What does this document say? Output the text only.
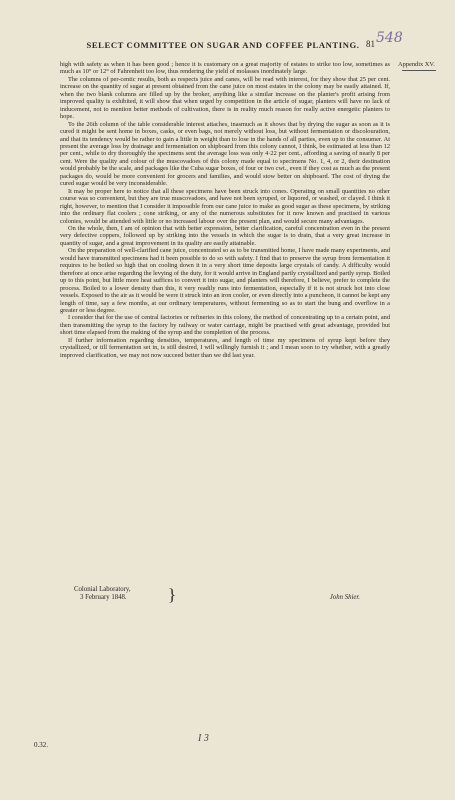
SELECT COMMITTEE ON SUGAR AND COFFEE PLANTING. 81 548
Appendix XV.

high with safety as when it has been good ; hence it is customary on a great majority of estates to strike too low, sometimes as much as 10° or 12° of Fahrenheit too low, thus rendering the yield of molasses inordinately large.

The columns of per-centic results, both as respects juice and canes, will be read with interest, for they show that 25 per cent. increase on the quantity of sugar at present obtained from the cane juice on most estates in the colony may be easily attained. If, when the two blank columns are filled up by the broker, anything like a similar increase on the planter's profit arising from improved quality is exhibited, it will show that when urged by competition in the article of sugar, planters will have no lack of inducement, not to mention better methods of cultivation, there is in reality much reason for really active energetic planters to hope.

To the 26th column of the table considerable interest attaches, inasmuch as it shows that by drying the sugar as soon as it is cured it might be sent home in boxes, casks, or even bags, not merely without loss, but without fermentation or discolouration, and that its tendency would be rather to gain a little in weight than to lose in the hands of all parties, even up to the consumer. At present the average loss by drainage and fermentation on shipboard from this colony cannot, I think, be estimated at less than 12 per cent., while to dry thoroughly the specimens sent the average loss was only 4·22 per cent., affording a saving of nearly 8 per cent. Were the quality and colour of the muscovadoes of this colony made equal to specimens No. 1, 4, or 2, their destination would probably be the scale, and packages like the Cuba sugar boxes, of four or two cwt., even if they cost as much as the present packages do, would be more convenient for grocers and families, and would stow better on shipboard. The cost of drying the cured sugar would be very inconsiderable.

It may be proper here to notice that all these specimens have been struck into cones. Operating on small quantities no other course was so convenient, but they are true muscovadoes, and have not been syruped, or liquored, or washed, or clayed. I think it right, however, to mention that I consider it impossible from our cane juice to make as good sugar as these specimens, by striking into the ordinary flat coolers ; cone striking, or any of the numerous substitutes for it now known and practised in various colonies, would be attended with little or no increased labour over the present plan, and would secure many advantages.

On the whole, then, I am of opinion that with better expression, better clarification, careful concentration even in the present very defective coppers, followed up by striking into the vessels in which the sugar is to drain, that a very great increase in quantity of sugar, and a great improvement in its quality are easily attainable.

On the preparation of well-clarified cane juice, concentrated so as to be transmitted home, I have made many experiments, and would have transmitted specimens had it been possible to do so with safety. I find that to preserve the syrup from fermentation it requires to be boiled so high that on cooling down it in a very short time deposits large crystals of candy. A difficulty would therefore at once arise regarding the levying of the duty, for it would arrive in England partly crystallized and partly syrup. Boiled up to this point, but little more heat suffices to convert it into sugar, and planters will therefore, I believe, prefer to complete the process. Boiled to a lower density than this, it very readily runs into fermentation, especially if it is not struck hot into close vessels. Exposed to the air as it would be were it struck into an iron cooler, or even directly into a puncheon, it cannot be kept any length of time, say a few months, at our ordinary temperatures, without fermenting so as to start the bung and overflow in a greater or less degree.

I consider that for the use of central factories or refineries in this colony, the method of concentrating up to a certain point, and then transmitting the syrup to the factory by railway or water carriage, might be practised with great advantage, provided but short time elapsed from the making of the syrup and the completion of the process.

If further information regarding densities, temperatures, and length of time my specimens of syrup kept before they crystallized, or till fermentation set in, is still desired, I will willingly furnish it ; and I mean soon to try whether, with a greatly improved clarification, we may not now succeed better than we did last year.

Colonial Laboratory,
3 February 1848. }	John Shier.
0.32.
I 3
